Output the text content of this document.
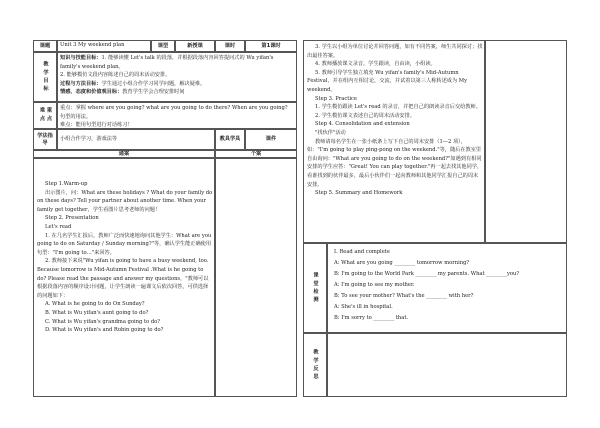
课题	Unit 3 My weekend plan	课型	新授课	课时	第1课时
教学目标

知识与技能目标：1. 能够读懂 Let's talk 的段落，并根据段落内容回答提问式的 Wu yifan's family's weekend plan。

2. 能够模仿文段内容陈述自己的周末活动安排。

过程与方法目标：学生通过小组合作学习同学问题，解决疑难。

情感、态度和价值观目标：教育学生学会合理安排时间

重点难点	重点：掌握 where are you going? what are you going to do there? When are you going? 句型的用法。

难点：能用句型进行对话练习！

学法指导
小组合作学习，游戏法等	教具学具	课件
通案	个案

Step 1.Warm-up

出示图片，问：What are these holidays ? What do your family do on these days? Tell your partner about another time. When your family get together，学生看图片思考老师的问题！

Step 2. Presentation

Let's read

1. 在几名学生汇报后，教师广泛而快速地询问其他学生：What are you going to do on Saturday / Sunday morning?"等，确认学生能正确使用句型："I'm going to…"来回答。

2. 教师接下来说"Wu yifan is going to have a busy weekend, too. Because tomorrow is Mid-Autumn Festival .What is he going to do? Please read the passage and answer my questions，"教师可以根据段落内容的顺序设计问题，让学生朗读一遍课文后依次回答，可供选择的问题如下：

A. What is he going to do On Sunday?

B. What is Wu yifan's aunt going to do?

C. What is Wu yifan's grandma going to do?

D. What is Wu yifan's and Robin going to do?

3. 学生以小组为单位讨论并回答问题，如有不同答案，师生共同探讨；找出最佳答案。

4. 教师播放课文录音，学生跟读，自由读，小组读。

5. 教师引导学生独立填充 Wu yifan's family's Mid-Autumn Festival，并在组内互相讨论，交流，并试着以第三人称转述成为 My weekend。

Step 3. Practice

1. 学生模仿跟读 Let's read 的录音，并把自己的朗读录音后交给教师。

2. 学生模仿课文表述自己的周末活动安排。

Step 4. Consolidation and extension

"找伙伴"活动

教师请每名学生在一张小纸条上写下自己的周末安排（1—2 项），如："I'm going to play ping-pong on the weekend."等，随后在教室里自由询问："What are you going to do on the weekend?"如遇到有相同安排的学生应答："Great! You can play together."再一起去找其他同学，看谁找到的伙伴最多，最后小伙伴们一起向教师和其他同学汇报自己的周末安排。

Step 5. Summary and Homework

课堂检测

I. Read and complete

A: What are you going ________ tomorrow morning?

B: I'm going to the World Park ________ my parents. What ________you?

A: I'm going to see my mother.

B: To see your mother? What's the ________ with her?

A: She's ill in hospital.

B: I'm sorry to ________ that.

教学反思
